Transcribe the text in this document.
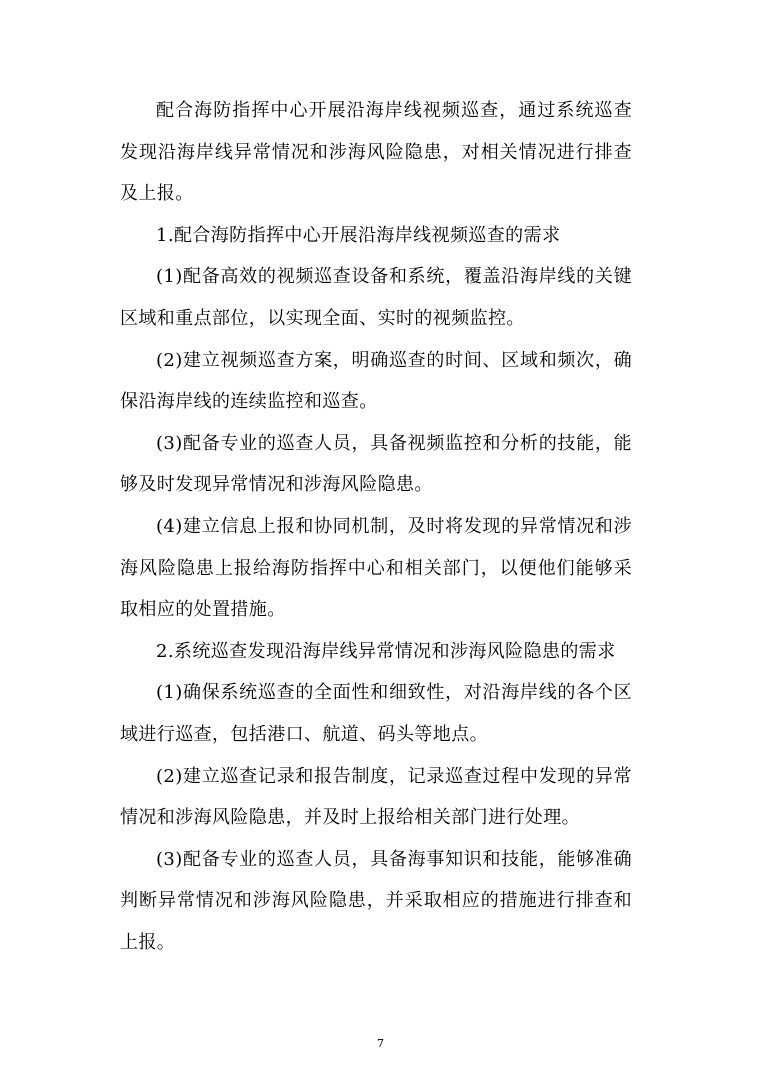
配合海防指挥中心开展沿海岸线视频巡查，通过系统巡查发现沿海岸线异常情况和涉海风险隐患，对相关情况进行排查及上报。

1.配合海防指挥中心开展沿海岸线视频巡查的需求

(1)配备高效的视频巡查设备和系统，覆盖沿海岸线的关键区域和重点部位，以实现全面、实时的视频监控。

(2)建立视频巡查方案，明确巡查的时间、区域和频次，确保沿海岸线的连续监控和巡查。

(3)配备专业的巡查人员，具备视频监控和分析的技能，能够及时发现异常情况和涉海风险隐患。

(4)建立信息上报和协同机制，及时将发现的异常情况和涉海风险隐患上报给海防指挥中心和相关部门，以便他们能够采取相应的处置措施。

2.系统巡查发现沿海岸线异常情况和涉海风险隐患的需求

(1)确保系统巡查的全面性和细致性，对沿海岸线的各个区域进行巡查，包括港口、航道、码头等地点。

(2)建立巡查记录和报告制度，记录巡查过程中发现的异常情况和涉海风险隐患，并及时上报给相关部门进行处理。

(3)配备专业的巡查人员，具备海事知识和技能，能够准确判断异常情况和涉海风险隐患，并采取相应的措施进行排查和上报。

7
